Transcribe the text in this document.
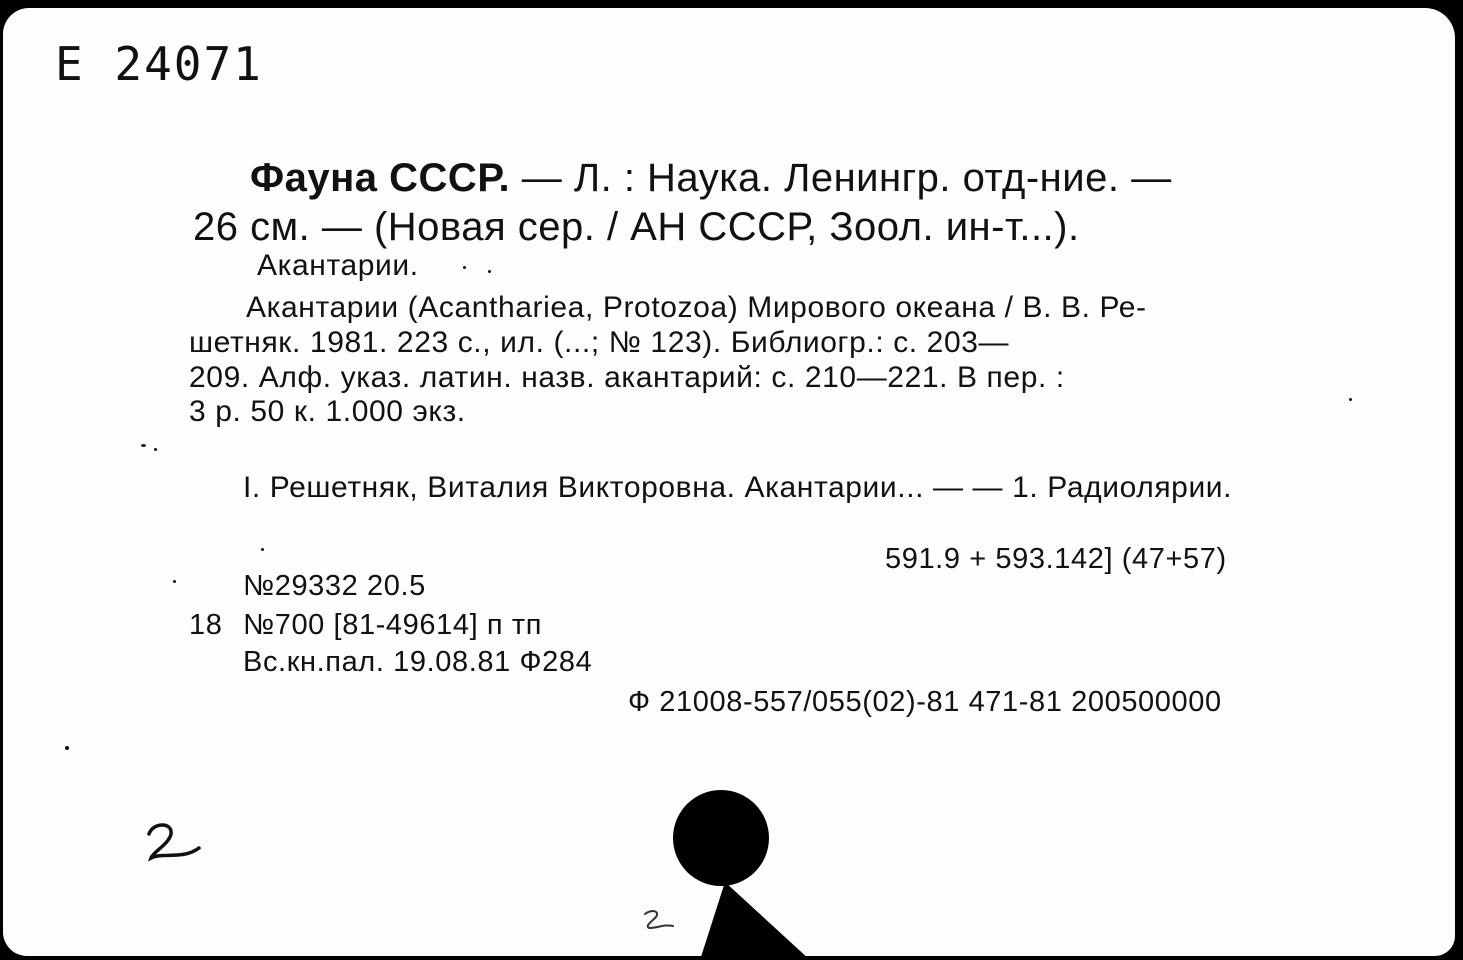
Е 24071
Фауна СССР. — Л. : Наука. Ленингр. отд-ние. —
26 см. — (Новая сер. / АН СССР, Зоол. ин-т...).
Акантарии.
Акантарии (Acanthariea, Protozoa) Мирового океана / В. В. Ре-
шетняк. 1981. 223 с., ил. (...; № 123). Библиогр.: с. 203—
209. Алф. указ. латин. назв. акантарий: с. 210—221. В пер. :
3 р. 50 к. 1.000 экз.
I. Решетняк, Виталия Викторовна. Акантарии... — — 1. Радиолярии.
591.9 + 593.142] (47+57)
№29332 20.5
18 №700 [81-49614] п тп
Вс.кн.пал. 19.08.81 Ф284
Ф 21008-557/055(02)-81 471-81 200500000
